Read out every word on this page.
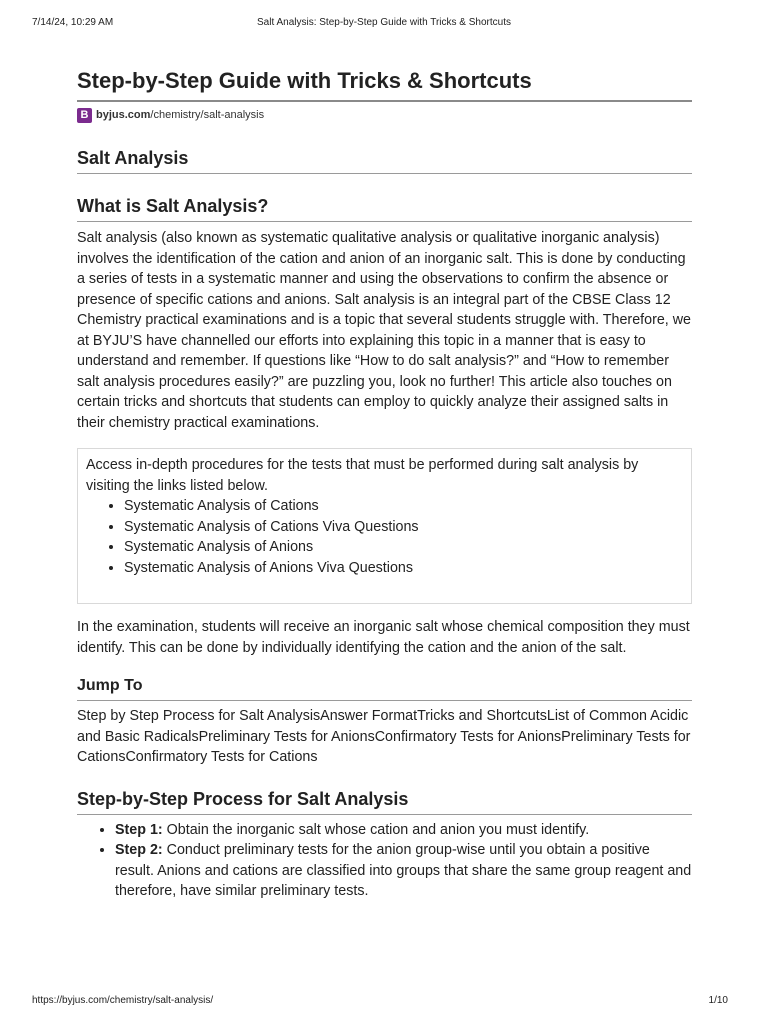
7/14/24, 10:29 AM	Salt Analysis: Step-by-Step Guide with Tricks & Shortcuts
Step-by-Step Guide with Tricks & Shortcuts
B byjus.com /chemistry/salt-analysis
Salt Analysis
What is Salt Analysis?

Salt analysis (also known as systematic qualitative analysis or qualitative inorganic analysis) involves the identification of the cation and anion of an inorganic salt. This is done by conducting a series of tests in a systematic manner and using the observations to confirm the absence or presence of specific cations and anions. Salt analysis is an integral part of the CBSE Class 12 Chemistry practical examinations and is a topic that several students struggle with. Therefore, we at BYJU’S have channelled our efforts into explaining this topic in a manner that is easy to understand and remember. If questions like “How to do salt analysis?” and “How to remember salt analysis procedures easily?” are puzzling you, look no further! This article also touches on certain tricks and shortcuts that students can employ to quickly analyze their assigned salts in their chemistry practical examinations.

Access in-depth procedures for the tests that must be performed during salt analysis by visiting the links listed below.

• Systematic Analysis of Cations
• Systematic Analysis of Cations Viva Questions
• Systematic Analysis of Anions
• Systematic Analysis of Anions Viva Questions

In the examination, students will receive an inorganic salt whose chemical composition they must identify. This can be done by individually identifying the cation and the anion of the salt.

Jump To

Step by Step Process for Salt AnalysisAnswer FormatTricks and ShortcutsList of Common Acidic and Basic RadicalsPreliminary Tests for AnionsConfirmatory Tests for AnionsPreliminary Tests for CationsConfirmatory Tests for Cations

Step-by-Step Process for Salt Analysis
• Step 1: Obtain the inorganic salt whose cation and anion you must identify.
• Step 2: Conduct preliminary tests for the anion group-wise until you obtain a positive result. Anions and cations are classified into groups that share the same group reagent and therefore, have similar preliminary tests.
https://byjus.com/chemistry/salt-analysis/	1/10
